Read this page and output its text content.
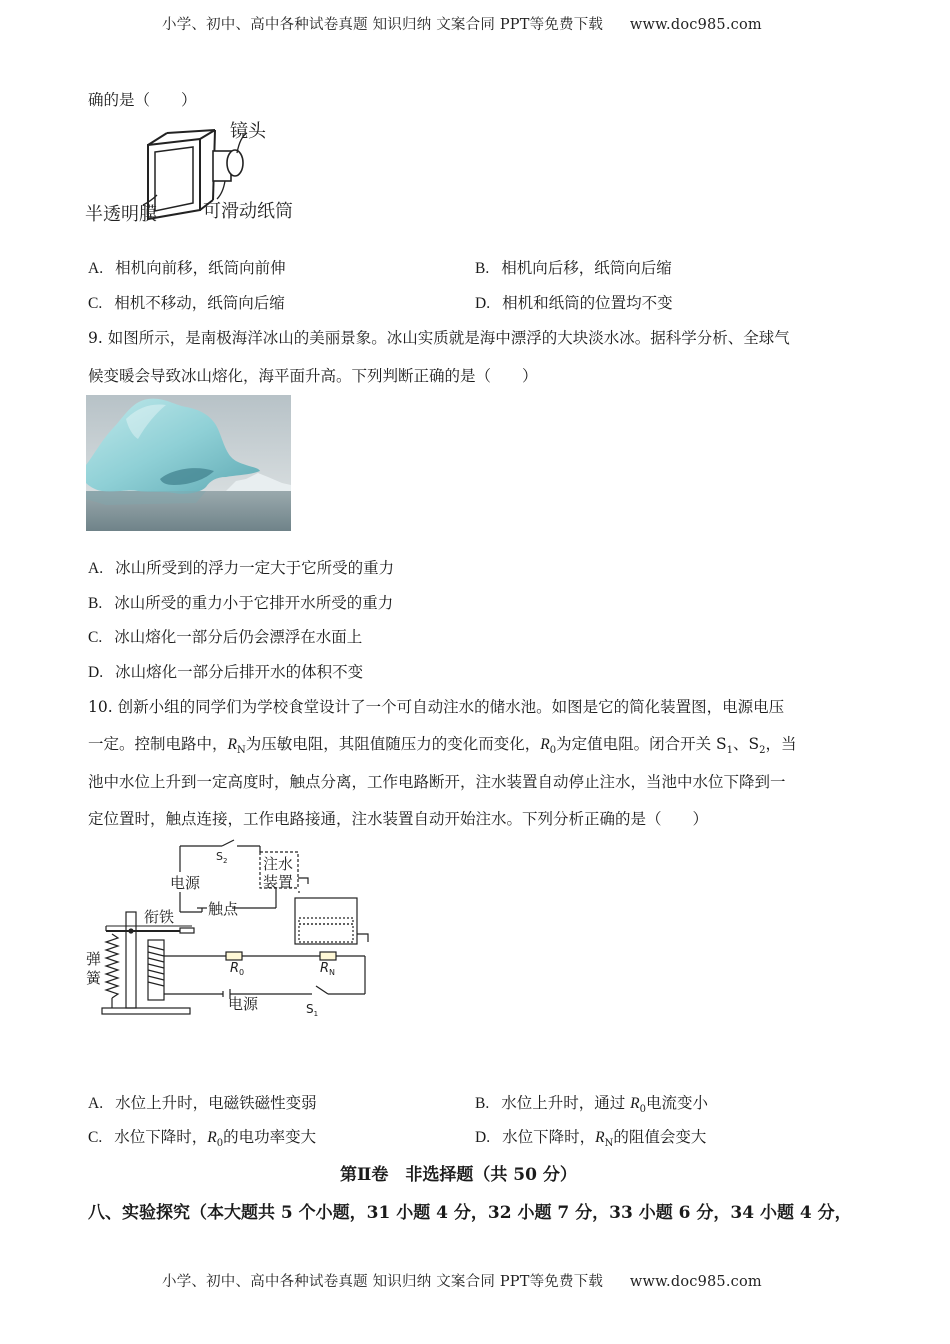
小学、初中、高中各种试卷真题 知识归纳 文案合同 PPT等免费下载 www.doc985.com
确的是（　　）
镜头
半透明膜	可滑动纸筒
A. 相机向前移，纸筒向前伸	B. 相机向后移，纸筒向后缩
C. 相机不移动，纸筒向后缩	D. 相机和纸筒的位置均不变
9. 如图所示，是南极海洋冰山的美丽景象。冰山实质就是海中漂浮的大块淡水冰。据科学分析、全球气
候变暖会导致冰山熔化，海平面升高。下列判断正确的是（　　）
A. 冰山所受到的浮力一定大于它所受的重力
B. 冰山所受的重力小于它排开水所受的重力
C. 冰山熔化一部分后仍会漂浮在水面上
D. 冰山熔化一部分后排开水的体积不变
10. 创新小组的同学们为学校食堂设计了一个可自动注水的储水池。如图是它的简化装置图，电源电压
一定。控制电路中，$R_N$为压敏电阻，其阻值随压力的变化而变化，$R_0$为定值电阻。闭合开关 $S_1$、$S_2$，当
池中水位上升到一定高度时，触点分离，工作电路断开，注水装置自动停止注水，当池中水位下降到一
定位置时，触点连接，工作电路接通，注水装置自动开始注水。下列分析正确的是（　　）
$S_2$
电源
注水
装置
衔铁 触点
弹
簧
$R_0$	$R_N$
电源	$S_1$
A. 水位上升时，电磁铁磁性变弱	B. 水位上升时，通过 $R_0$电流变小
C. 水位下降时，$R_0$的电功率变大	D. 水位下降时，$R_N$的阻值会变大
第Ⅱ卷　非选择题（共 50 分）
八、实验探究（本大题共 5 个小题，31 小题 4 分，32 小题 7 分，33 小题 6 分，34 小题 4 分，
小学、初中、高中各种试卷真题 知识归纳 文案合同 PPT等免费下载 www.doc985.com
